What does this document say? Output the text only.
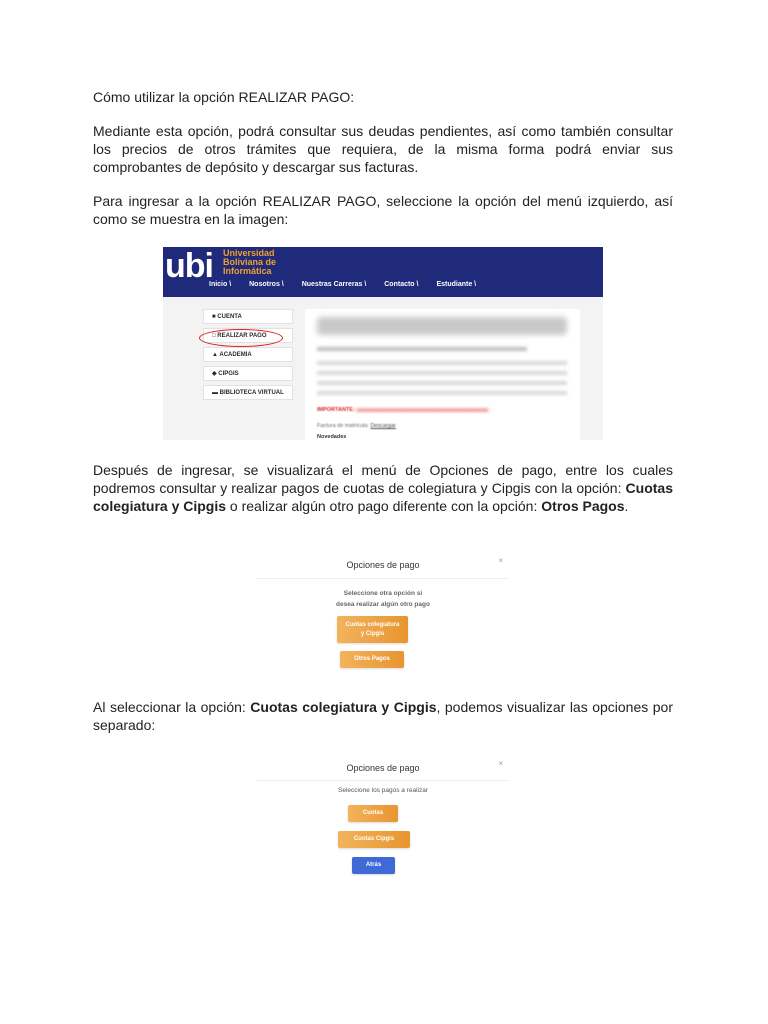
Cómo utilizar la opción REALIZAR PAGO:

Mediante esta opción, podrá consultar sus deudas pendientes, así como también consultar los precios de otros trámites que requiera, de la misma forma podrá enviar sus comprobantes de depósito y descargar sus facturas.

Para ingresar a la opción REALIZAR PAGO, seleccione la opción del menú izquierdo, así como se muestra en la imagen:

ubi Universidad
Boliviana de
Informática
Inicio \	Nosotros \	Nuestras Carreras \	Contacto \	Estudiante \
■ CUENTA
□ REALIZAR PAGO
▲ ACADEMIA
◆ CIPGIS
▬ BIBLIOTECA VIRTUAL
IMPORTANTE: ▬▬▬▬▬▬▬▬▬▬▬▬▬▬▬▬▬▬▬▬▬▬▬▬
Factura de matrícula: Descargar
Novedades

Después de ingresar, se visualizará el menú de Opciones de pago, entre los cuales podremos consultar y realizar pagos de cuotas de colegiatura y Cipgis con la opción: Cuotas colegiatura y Cipgis o realizar algún otro pago diferente con la opción: Otros Pagos.

Opciones de pago	×
Seleccione otra opción si
desea realizar algún otro pago
Cuotas colegiatura
y Cipgis
Otros Pagos

Al seleccionar la opción: Cuotas colegiatura y Cipgis, podemos visualizar las opciones por separado:

Opciones de pago	×
Seleccione los pagos a realizar
Cuotas
Cuotas Cipgis
Atrás
